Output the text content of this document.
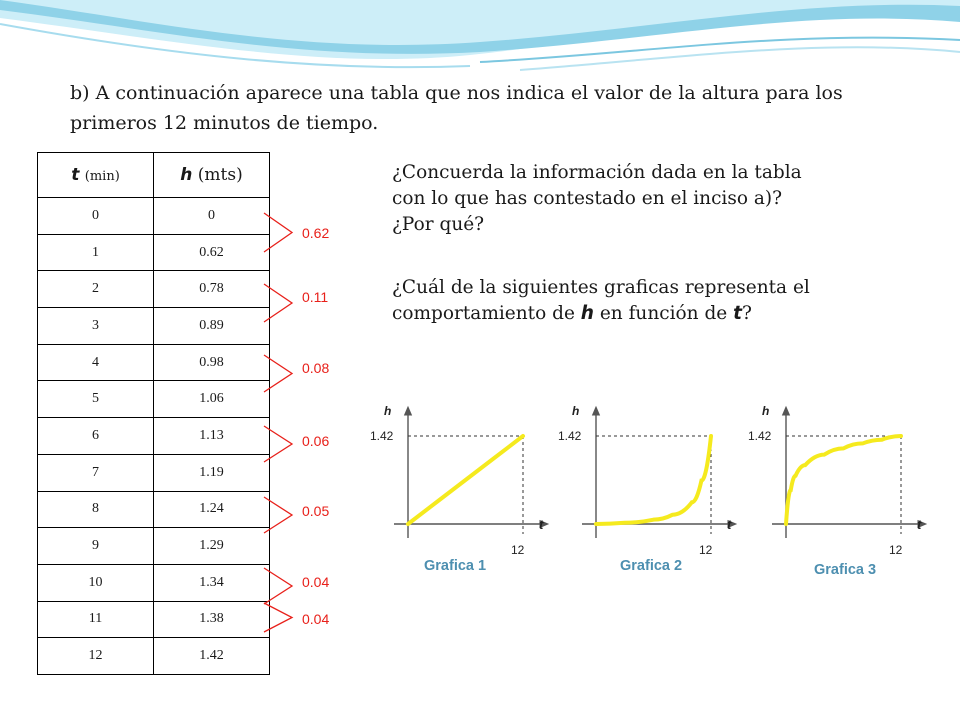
b) A continuación aparece una tabla que nos indica el valor de la altura para los primeros 12 minutos de tiempo.
t (min)	h (mts)
0	0
1	0.62
2	0.78
3	0.89
4	0.98
5	1.06
6	1.13
7	1.19
8	1.24
9	1.29
10	1.34
11	1.38
12	1.42
0.62
0.11
0.08
0.06
0.05
0.04
0.04
¿Concuerda la información dada en la tabla
con lo que has contestado en el inciso a)?
¿Por qué?
¿Cuál de la siguientes graficas representa el
comportamiento de h en función de t?
h
1.42
12
t
Grafica 1
h
1.42
12
t
Grafica 2
h
1.42
12
t
Grafica 3
